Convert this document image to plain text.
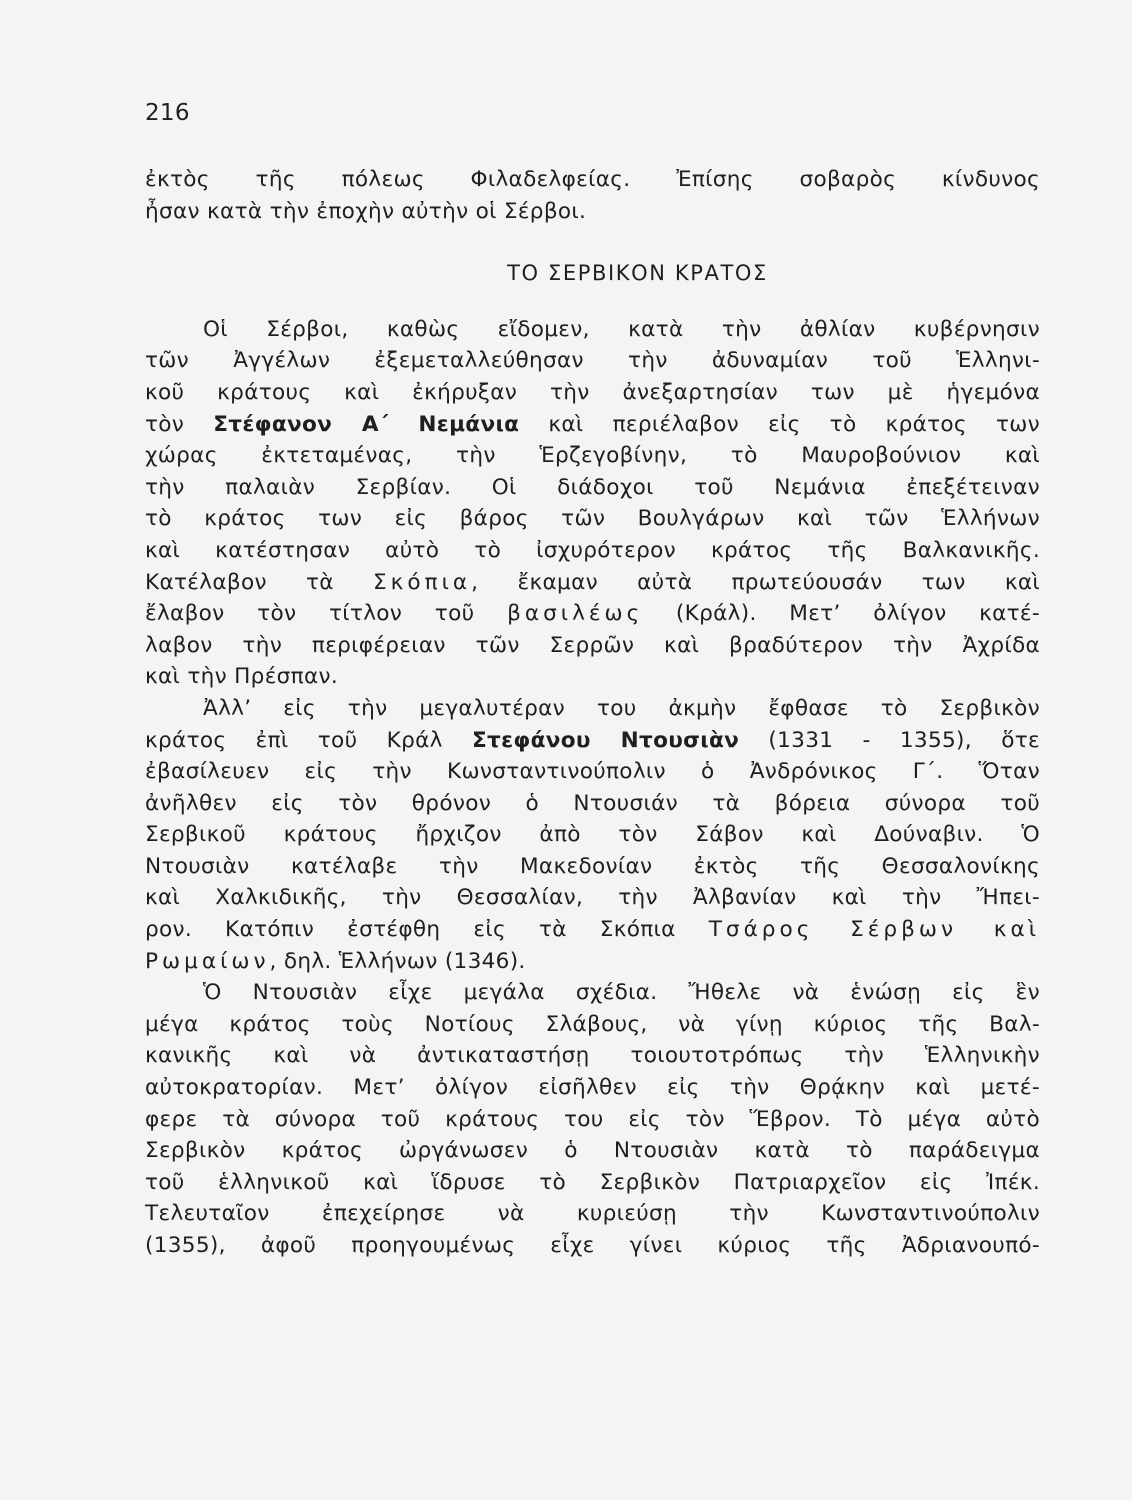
216
ἐκτὸς τῆς πόλεως Φιλαδελφείας. Ἐπίσης σοβαρὸς κίνδυνος
ἦσαν κατὰ τὴν ἐποχὴν αὐτὴν οἱ Σέρβοι.
ΤΟ ΣΕΡΒΙΚΟΝ ΚΡΑΤΟΣ
Οἱ Σέρβοι, καθὼς εἴδομεν, κατὰ τὴν ἀθλίαν κυβέρνησιν
τῶν Ἀγγέλων ἐξεμεταλλεύθησαν τὴν ἀδυναμίαν τοῦ Ἑλληνι-
κοῦ κράτους καὶ ἐκήρυξαν τὴν ἀνεξαρτησίαν των μὲ ἡγεμόνα
τὸν Στέφανον Α΄ Νεμάνια καὶ περιέλαβον εἰς τὸ κράτος των
χώρας ἐκτεταμένας, τὴν Ἑρζεγοβίνην, τὸ Μαυροβούνιον καὶ
τὴν παλαιὰν Σερβίαν. Οἱ διάδοχοι τοῦ Νεμάνια ἐπεξέτειναν
τὸ κράτος των εἰς βάρος τῶν Βουλγάρων καὶ τῶν Ἑλλήνων
καὶ κατέστησαν αὐτὸ τὸ ἰσχυρότερον κράτος τῆς Βαλκανικῆς.
Κατέλαβον τὰ Σκόπια, ἔκαμαν αὐτὰ πρωτεύουσάν των καὶ
ἔλαβον τὸν τίτλον τοῦ βασιλέως (Κράλ). Μετ’ ὀλίγον κατέ-
λαβον τὴν περιφέρειαν τῶν Σερρῶν καὶ βραδύτερον τὴν Ἀχρίδα
καὶ τὴν Πρέσπαν.
Ἀλλ’ εἰς τὴν μεγαλυτέραν του ἀκμὴν ἔφθασε τὸ Σερβικὸν
κράτος ἐπὶ τοῦ Κράλ Στεφάνου Ντουσιὰν (1331 - 1355), ὅτε
ἐβασίλευεν εἰς τὴν Κωνσταντινούπολιν ὁ Ἀνδρόνικος Γ΄. Ὅταν
ἀνῆλθεν εἰς τὸν θρόνον ὁ Ντουσιάν τὰ βόρεια σύνορα τοῦ
Σερβικοῦ κράτους ἤρχιζον ἀπὸ τὸν Σάβον καὶ Δούναβιν. Ὁ
Ντουσιὰν κατέλαβε τὴν Μακεδονίαν ἐκτὸς τῆς Θεσσαλονίκης
καὶ Χαλκιδικῆς, τὴν Θεσσαλίαν, τὴν Ἀλβανίαν καὶ τὴν Ἤπει-
ρον. Κατόπιν ἐστέφθη εἰς τὰ Σκόπια Τσάρος Σέρβων καὶ
Ρωμαίων, δηλ. Ἑλλήνων (1346).
Ὁ Ντουσιὰν εἶχε μεγάλα σχέδια. Ἤθελε νὰ ἑνώσῃ εἰς ἓν
μέγα κράτος τοὺς Νοτίους Σλάβους, νὰ γίνῃ κύριος τῆς Βαλ-
κανικῆς καὶ νὰ ἀντικαταστήσῃ τοιουτοτρόπως τὴν Ἑλληνικὴν
αὐτοκρατορίαν. Μετ’ ὀλίγον εἰσῆλθεν εἰς τὴν Θρᾴκην καὶ μετέ-
φερε τὰ σύνορα τοῦ κράτους του εἰς τὸν Ἕβρον. Τὸ μέγα αὐτὸ
Σερβικὸν κράτος ὠργάνωσεν ὁ Ντουσιὰν κατὰ τὸ παράδειγμα
τοῦ ἑλληνικοῦ καὶ ἵδρυσε τὸ Σερβικὸν Πατριαρχεῖον εἰς Ἰπέκ.
Τελευταῖον ἐπεχείρησε νὰ κυριεύσῃ τὴν Κωνσταντινούπολιν
(1355), ἀφοῦ προηγουμένως εἶχε γίνει κύριος τῆς Ἀδριανουπό-
